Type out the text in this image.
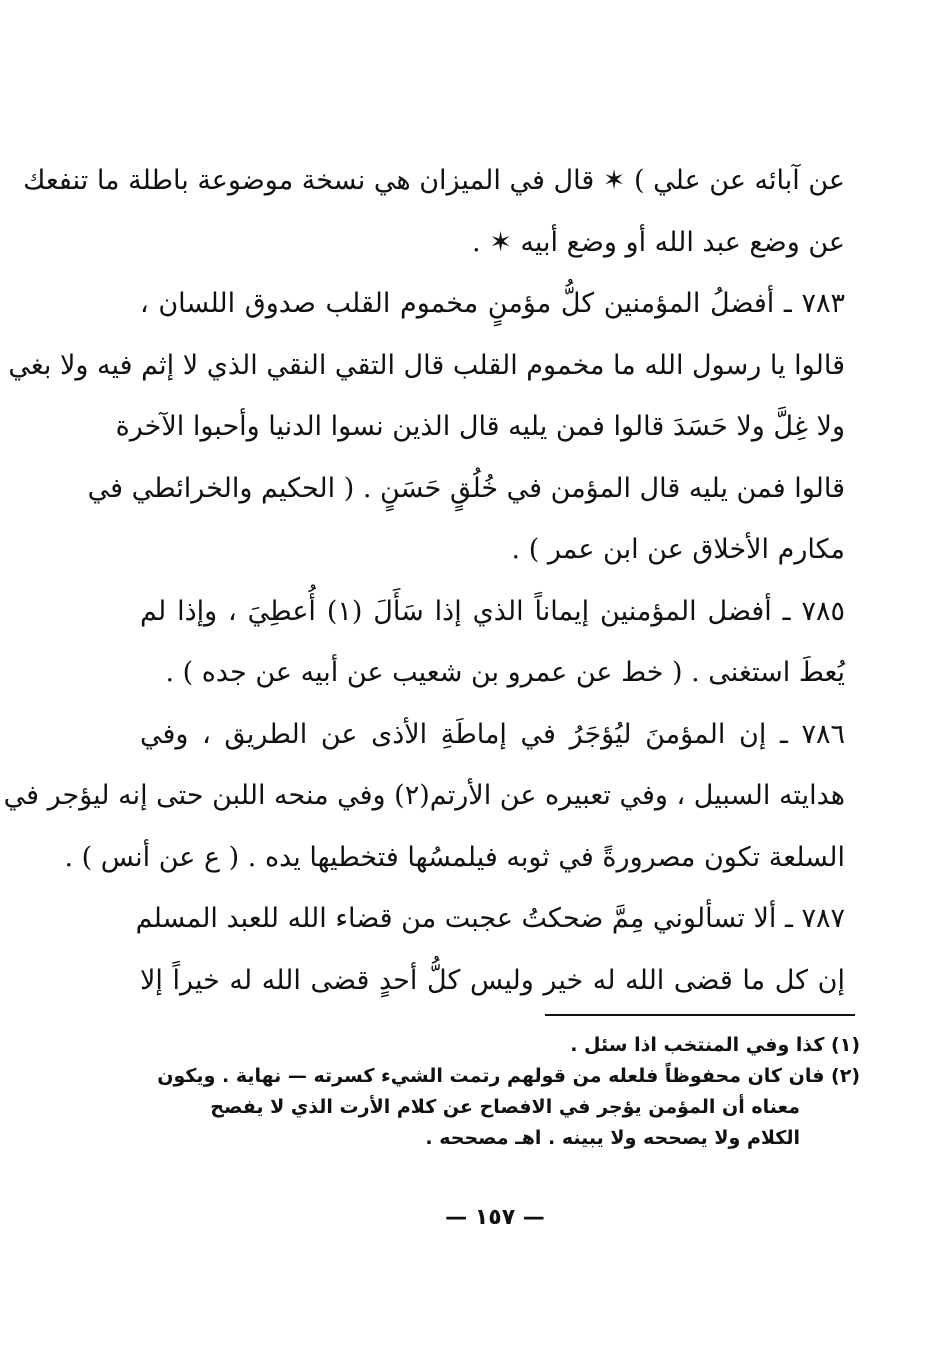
عن آبائه عن علي ) ✶ قال في الميزان هي نسخة موضوعة باطلة ما تنفعك
عن وضع عبد الله أو وضع أبيه ✶ .
٧٨٣ ـ أفضلُ المؤمنين كلُّ مؤمنٍ مخموم القلب صدوق اللسان ،
قالوا يا رسول الله ما مخموم القلب قال التقي النقي الذي لا إثم فيه ولا بغي
ولا غِلَّ ولا حَسَدَ قالوا فمن يليه قال الذين نسوا الدنيا وأحبوا الآخرة
قالوا فمن يليه قال المؤمن في خُلُقٍ حَسَنٍ . ( الحكيم والخرائطي في
مكارم الأخلاق عن ابن عمر ) .
٧٨٥ ـ أفضل المؤمنين إيماناً الذي إذا سَأَلَ (١) أُعطِيَ ، وإذا لم
يُعطَ استغنى . ( خط عن عمرو بن شعيب عن أبيه عن جده ) .
٧٨٦ ـ إن المؤمنَ ليُؤجَرُ في إماطَةِ الأذى عن الطريق ، وفي
هدايته السبيل ، وفي تعبيره عن الأرتم(٢) وفي منحه اللبن حتى إنه ليؤجر في
السلعة تكون مصرورةً في ثوبه فيلمسُها فتخطيها يده . ( ع عن أنس ) .
٧٨٧ ـ ألا تسألوني مِمَّ ضحكتُ عجبت من قضاء الله للعبد المسلم
إن كل ما قضى الله له خير وليس كلُّ أحدٍ قضى الله له خيراً إلا
(١) كذا وفي المنتخب اذا سئل .
(٢) فان كان محفوظاً فلعله من قولهم رتمت الشيء كسرته — نهاية . ويكون
معناه أن المؤمن يؤجر في الافصاح عن كلام الأرت الذي لا يفصح
الكلام ولا يصححه ولا يبينه . اهـ مصححه .
— ١٥٧ —
